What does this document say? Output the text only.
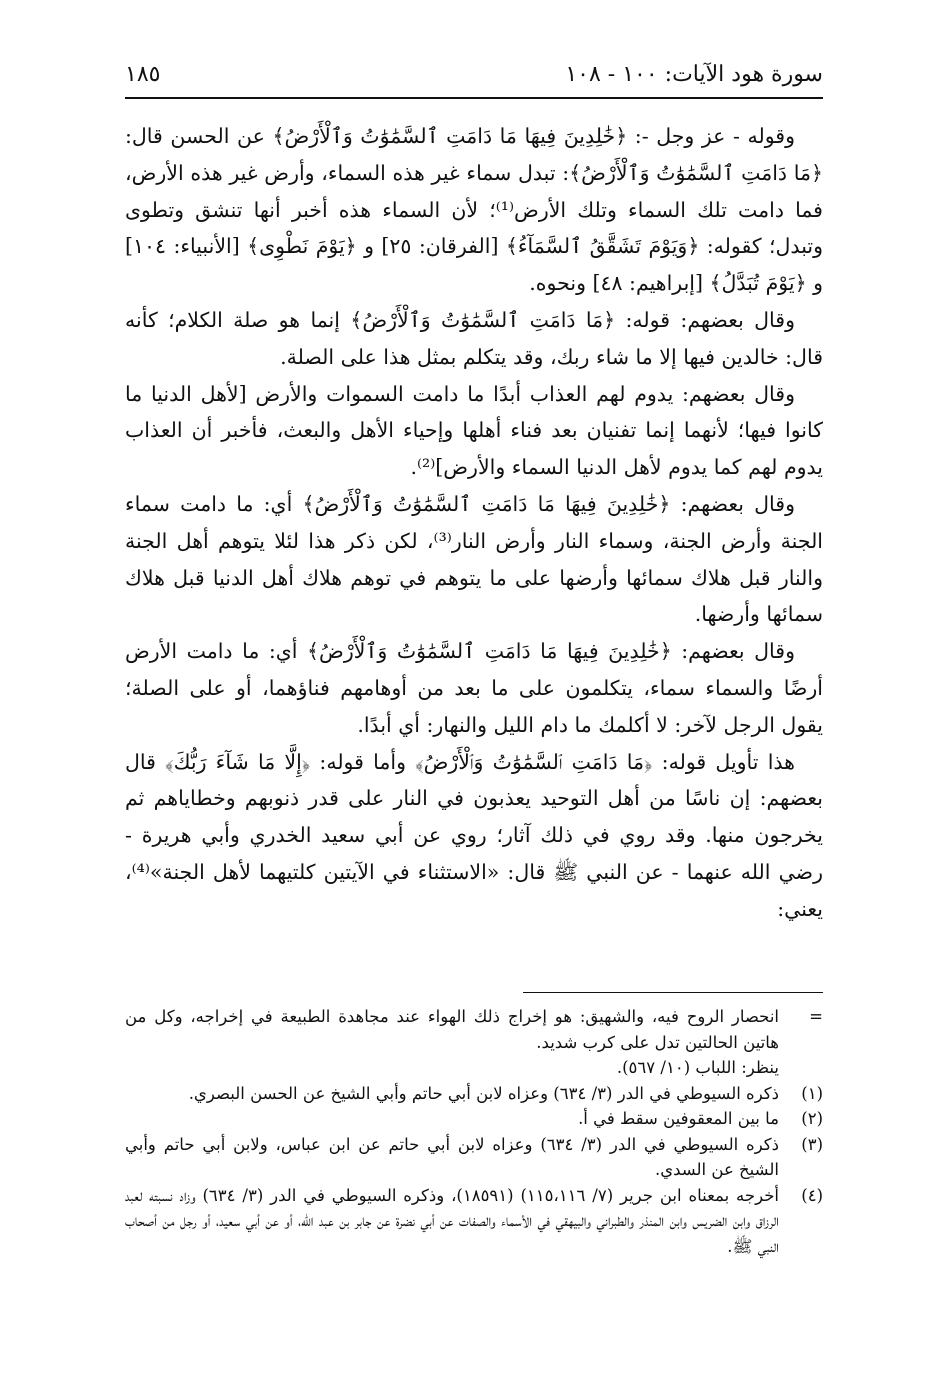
سورة هود الآيات: ١٠٠ - ١٠٨
١٨٥

وقوله - عز وجل -: ﴿خَٰلِدِينَ فِيهَا مَا دَامَتِ ٱلسَّمَٰوَٰتُ وَٱلْأَرْضُ﴾ عن الحسن قال: ﴿مَا دَامَتِ ٱلسَّمَٰوَٰتُ وَٱلْأَرْضُ﴾: تبدل سماء غير هذه السماء، وأرض غير هذه الأرض، فما دامت تلك السماء وتلك الأرض⁽¹⁾؛ لأن السماء هذه أخبر أنها تنشق وتطوى وتبدل؛ كقوله: ﴿وَيَوْمَ تَشَقَّقُ ٱلسَّمَآءُ﴾ [الفرقان: ٢٥] و ﴿يَوْمَ نَطْوِى﴾ [الأنبياء: ١٠٤] و ﴿يَوْمَ تُبَدَّلُ﴾ [إبراهيم: ٤٨] ونحوه.

وقال بعضهم: قوله: ﴿مَا دَامَتِ ٱلسَّمَٰوَٰتُ وَٱلْأَرْضُ﴾ إنما هو صلة الكلام؛ كأنه قال: خالدين فيها إلا ما شاء ربك، وقد يتكلم بمثل هذا على الصلة.

وقال بعضهم: يدوم لهم العذاب أبدًا ما دامت السموات والأرض [لأهل الدنيا ما كانوا فيها؛ لأنهما إنما تفنيان بعد فناء أهلها وإحياء الأهل والبعث، فأخبر أن العذاب يدوم لهم كما يدوم لأهل الدنيا السماء والأرض]⁽²⁾.

وقال بعضهم: ﴿خَٰلِدِينَ فِيهَا مَا دَامَتِ ٱلسَّمَٰوَٰتُ وَٱلْأَرْضُ﴾ أي: ما دامت سماء الجنة وأرض الجنة، وسماء النار وأرض النار⁽³⁾، لكن ذكر هذا لئلا يتوهم أهل الجنة والنار قبل هلاك سمائها وأرضها على ما يتوهم في توهم هلاك أهل الدنيا قبل هلاك سمائها وأرضها.

وقال بعضهم: ﴿خَٰلِدِينَ فِيهَا مَا دَامَتِ ٱلسَّمَٰوَٰتُ وَٱلْأَرْضُ﴾ أي: ما دامت الأرض أرضًا والسماء سماء، يتكلمون على ما بعد من أوهامهم فناؤهما، أو على الصلة؛ يقول الرجل لآخر: لا أكلمك ما دام الليل والنهار: أي أبدًا.

هذا تأويل قوله: ﴿مَا دَامَتِ ٱلسَّمَٰوَٰتُ وَٱلْأَرْضُ﴾ وأما قوله: ﴿إِلَّا مَا شَآءَ رَبُّكَ﴾ قال بعضهم: إن ناسًا من أهل التوحيد يعذبون في النار على قدر ذنوبهم وخطاياهم ثم يخرجون منها. وقد روي في ذلك آثار؛ روي عن أبي سعيد الخدري وأبي هريرة - رضي الله عنهما - عن النبي ﷺ قال: «الاستثناء في الآيتين كلتيهما لأهل الجنة»⁽⁴⁾، يعني:

=
انحصار الروح فيه، والشهيق: هو إخراج ذلك الهواء عند مجاهدة الطبيعة في إخراجه، وكل من هاتين الحالتين تدل على كرب شديد.
ينظر: اللباب (١٠/ ٥٦٧).
(١)
ذكره السيوطي في الدر (٣/ ٦٣٤) وعزاه لابن أبي حاتم وأبي الشيخ عن الحسن البصري.
(٢)
ما بين المعقوفين سقط في أ.
(٣)
ذكره السيوطي في الدر (٣/ ٦٣٤) وعزاه لابن أبي حاتم عن ابن عباس، ولابن أبي حاتم وأبي الشيخ عن السدي.
(٤)
أخرجه بمعناه ابن جرير (٧/ ١١٥،١١٦) (١٨٥٩١)، وذكره السيوطي في الدر (٣/ ٦٣٤) وزاد نسبته لعبد الرزاق وابن الضريس وابن المنذر والطبراني والبيهقي في الأسماء والصفات عن أبي نضرة عن جابر بن عبد الله، أو عن أبي سعيد، أو رجل من أصحاب النبي ﷺ.
